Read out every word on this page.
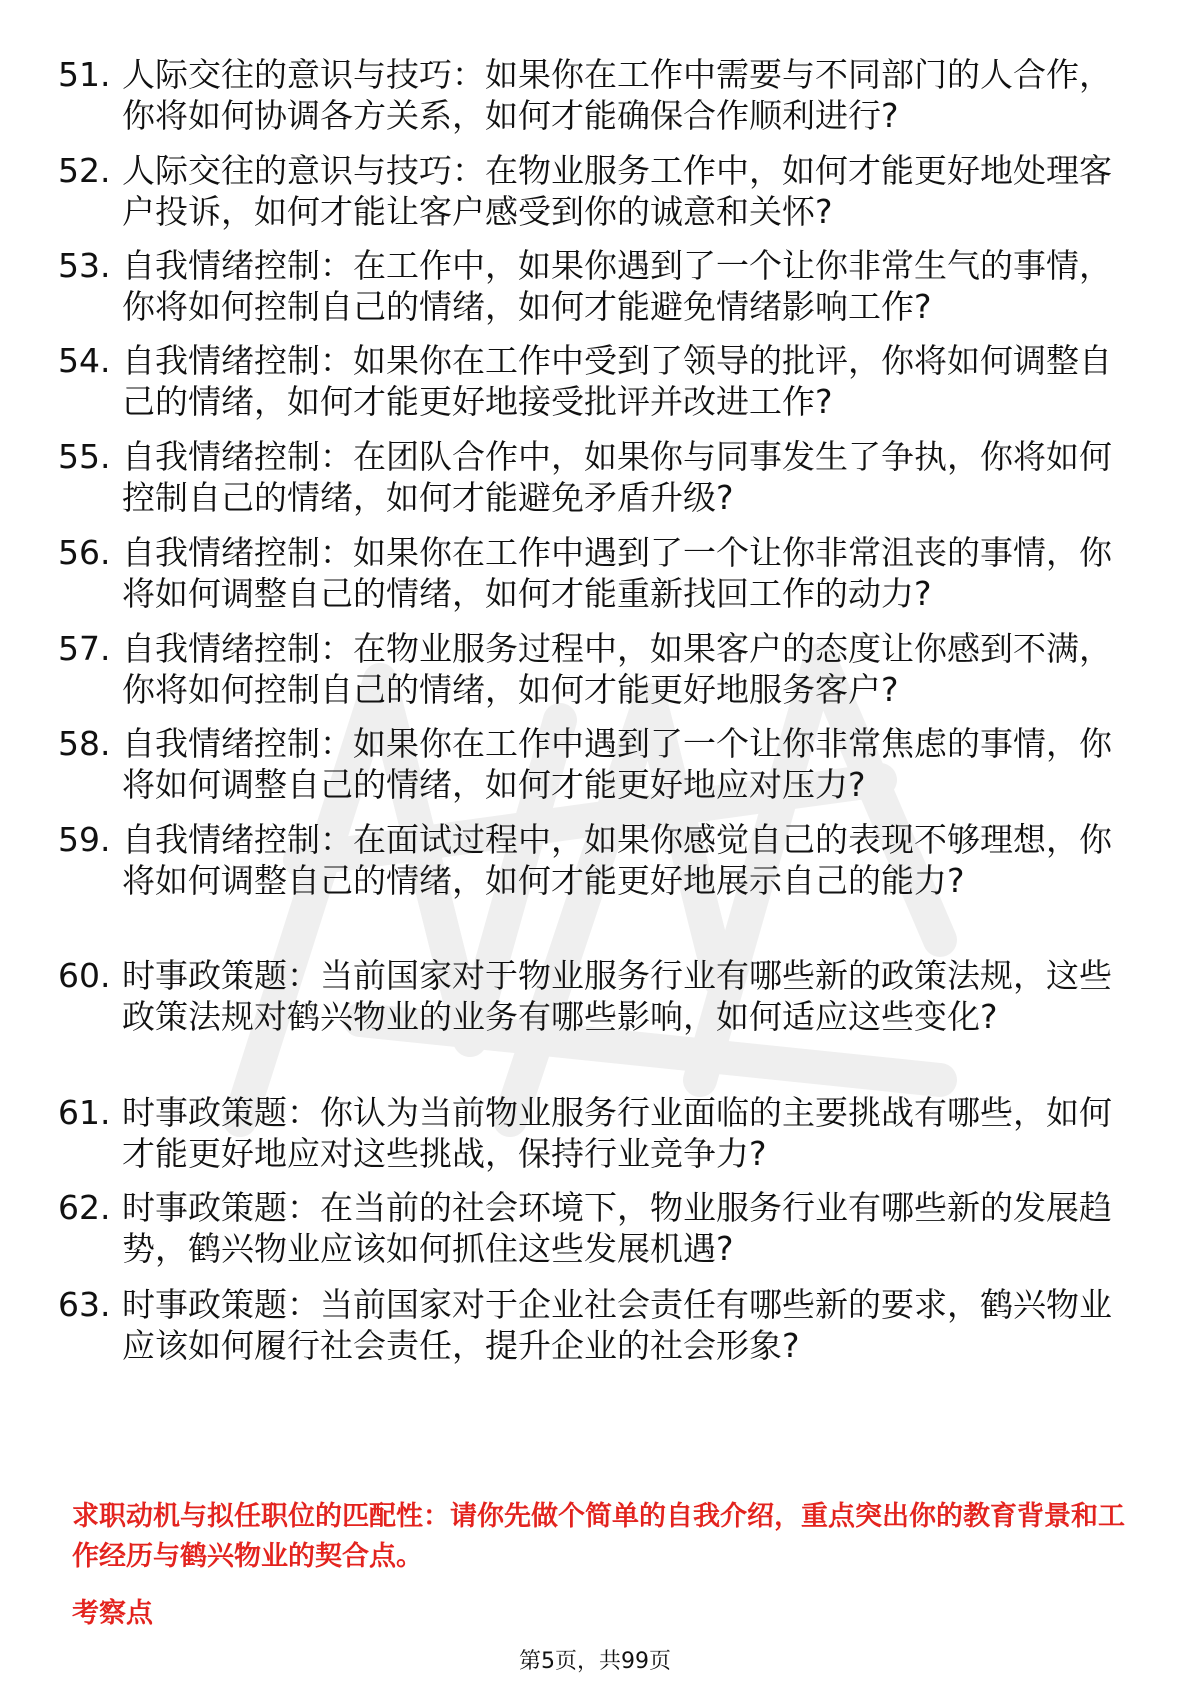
51. 人际交往的意识与技巧：如果你在工作中需要与不同部门的人合作，你将如何协调各方关系，如何才能确保合作顺利进行?
52. 人际交往的意识与技巧：在物业服务工作中，如何才能更好地处理客户投诉，如何才能让客户感受到你的诚意和关怀?
53. 自我情绪控制：在工作中，如果你遇到了一个让你非常生气的事情，你将如何控制自己的情绪，如何才能避免情绪影响工作?
54. 自我情绪控制：如果你在工作中受到了领导的批评，你将如何调整自己的情绪，如何才能更好地接受批评并改进工作?
55. 自我情绪控制：在团队合作中，如果你与同事发生了争执，你将如何控制自己的情绪，如何才能避免矛盾升级?
56. 自我情绪控制：如果你在工作中遇到了一个让你非常沮丧的事情，你将如何调整自己的情绪，如何才能重新找回工作的动力?
57. 自我情绪控制：在物业服务过程中，如果客户的态度让你感到不满，你将如何控制自己的情绪，如何才能更好地服务客户?
58. 自我情绪控制：如果你在工作中遇到了一个让你非常焦虑的事情，你将如何调整自己的情绪，如何才能更好地应对压力?
59. 自我情绪控制：在面试过程中，如果你感觉自己的表现不够理想，你将如何调整自己的情绪，如何才能更好地展示自己的能力?
60. 时事政策题：当前国家对于物业服务行业有哪些新的政策法规，这些政策法规对鹤兴物业的业务有哪些影响，如何适应这些变化?
61. 时事政策题：你认为当前物业服务行业面临的主要挑战有哪些，如何才能更好地应对这些挑战，保持行业竞争力?
62. 时事政策题：在当前的社会环境下，物业服务行业有哪些新的发展趋势，鹤兴物业应该如何抓住这些发展机遇?
63. 时事政策题：当前国家对于企业社会责任有哪些新的要求，鹤兴物业应该如何履行社会责任，提升企业的社会形象?
求职动机与拟任职位的匹配性：请你先做个简单的自我介绍，重点突出你的教育背景和工作经历与鹤兴物业的契合点。
考察点
第5页，共99页
